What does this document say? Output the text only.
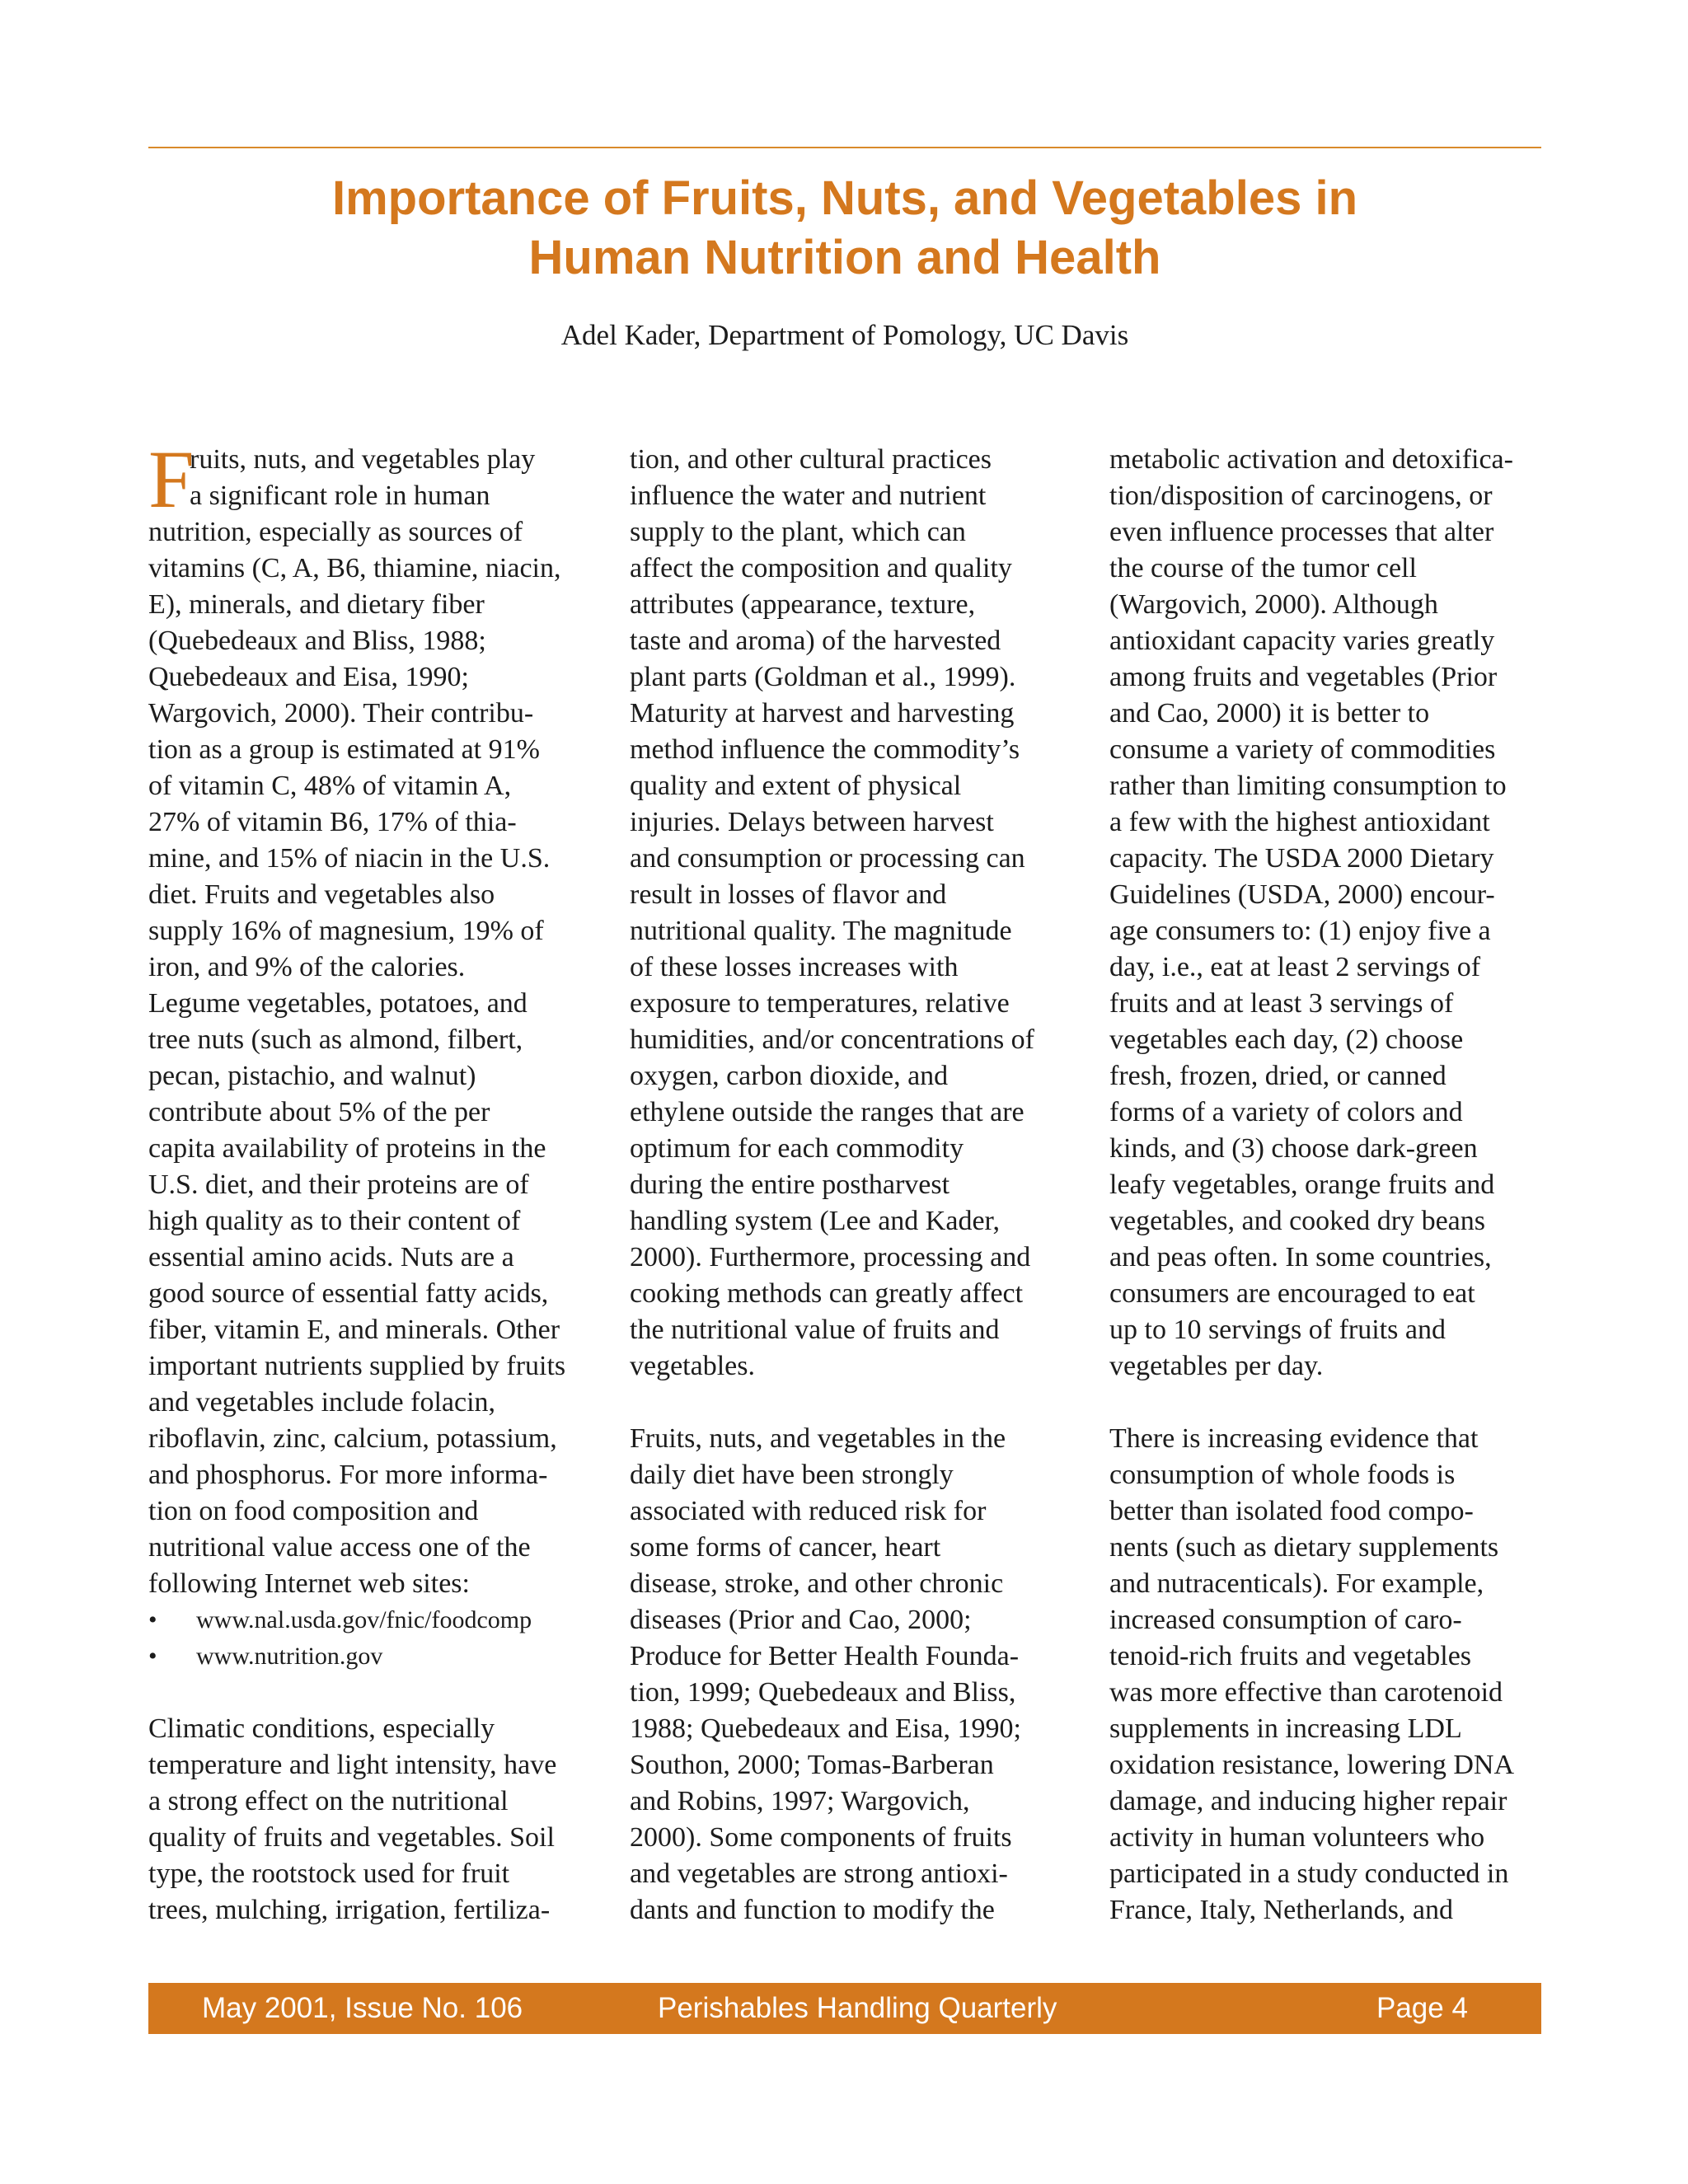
Importance of Fruits, Nuts, and Vegetables in
Human Nutrition and Health
Adel Kader, Department of Pomology, UC Davis
F
ruits, nuts, and vegetables play
a significant role in human
nutrition, especially as sources of
vitamins (C, A, B6, thiamine, niacin,
E), minerals, and dietary fiber
(Quebedeaux and Bliss, 1988;
Quebedeaux and Eisa, 1990;
Wargovich, 2000). Their contribu-
tion as a group is estimated at 91%
of vitamin C, 48% of vitamin A,
27% of vitamin B6, 17% of thia-
mine, and 15% of niacin in the U.S.
diet. Fruits and vegetables also
supply 16% of magnesium, 19% of
iron, and 9% of the calories.
Legume vegetables, potatoes, and
tree nuts (such as almond, filbert,
pecan, pistachio, and walnut)
contribute about 5% of the per
capita availability of proteins in the
U.S. diet, and their proteins are of
high quality as to their content of
essential amino acids. Nuts are a
good source of essential fatty acids,
fiber, vitamin E, and minerals. Other
important nutrients supplied by fruits
and vegetables include folacin,
riboflavin, zinc, calcium, potassium,
and phosphorus. For more informa-
tion on food composition and
nutritional value access one of the
following Internet web sites:
•	www.nal.usda.gov/fnic/foodcomp
•	www.nutrition.gov
Climatic conditions, especially
temperature and light intensity, have
a strong effect on the nutritional
quality of fruits and vegetables. Soil
type, the rootstock used for fruit
trees, mulching, irrigation, fertiliza-
tion, and other cultural practices
influence the water and nutrient
supply to the plant, which can
affect the composition and quality
attributes (appearance, texture,
taste and aroma) of the harvested
plant parts (Goldman et al., 1999).
Maturity at harvest and harvesting
method influence the commodity’s
quality and extent of physical
injuries. Delays between harvest
and consumption or processing can
result in losses of flavor and
nutritional quality. The magnitude
of these losses increases with
exposure to temperatures, relative
humidities, and/or concentrations of
oxygen, carbon dioxide, and
ethylene outside the ranges that are
optimum for each commodity
during the entire postharvest
handling system (Lee and Kader,
2000). Furthermore, processing and
cooking methods can greatly affect
the nutritional value of fruits and
vegetables.
Fruits, nuts, and vegetables in the
daily diet have been strongly
associated with reduced risk for
some forms of cancer, heart
disease, stroke, and other chronic
diseases (Prior and Cao, 2000;
Produce for Better Health Founda-
tion, 1999; Quebedeaux and Bliss,
1988; Quebedeaux and Eisa, 1990;
Southon, 2000; Tomas-Barberan
and Robins, 1997; Wargovich,
2000). Some components of fruits
and vegetables are strong antioxi-
dants and function to modify the
metabolic activation and detoxifica-
tion/disposition of carcinogens, or
even influence processes that alter
the course of the tumor cell
(Wargovich, 2000). Although
antioxidant capacity varies greatly
among fruits and vegetables (Prior
and Cao, 2000) it is better to
consume a variety of commodities
rather than limiting consumption to
a few with the highest antioxidant
capacity. The USDA 2000 Dietary
Guidelines (USDA, 2000) encour-
age consumers to: (1) enjoy five a
day, i.e., eat at least 2 servings of
fruits and at least 3 servings of
vegetables each day, (2) choose
fresh, frozen, dried, or canned
forms of a variety of colors and
kinds, and (3) choose dark-green
leafy vegetables, orange fruits and
vegetables, and cooked dry beans
and peas often. In some countries,
consumers are encouraged to eat
up to 10 servings of fruits and
vegetables per day.
There is increasing evidence that
consumption of whole foods is
better than isolated food compo-
nents (such as dietary supplements
and nutracenticals). For example,
increased consumption of caro-
tenoid-rich fruits and vegetables
was more effective than carotenoid
supplements in increasing LDL
oxidation resistance, lowering DNA
damage, and inducing higher repair
activity in human volunteers who
participated in a study conducted in
France, Italy, Netherlands, and
May 2001, Issue No. 106	Perishables Handling Quarterly	Page 4
